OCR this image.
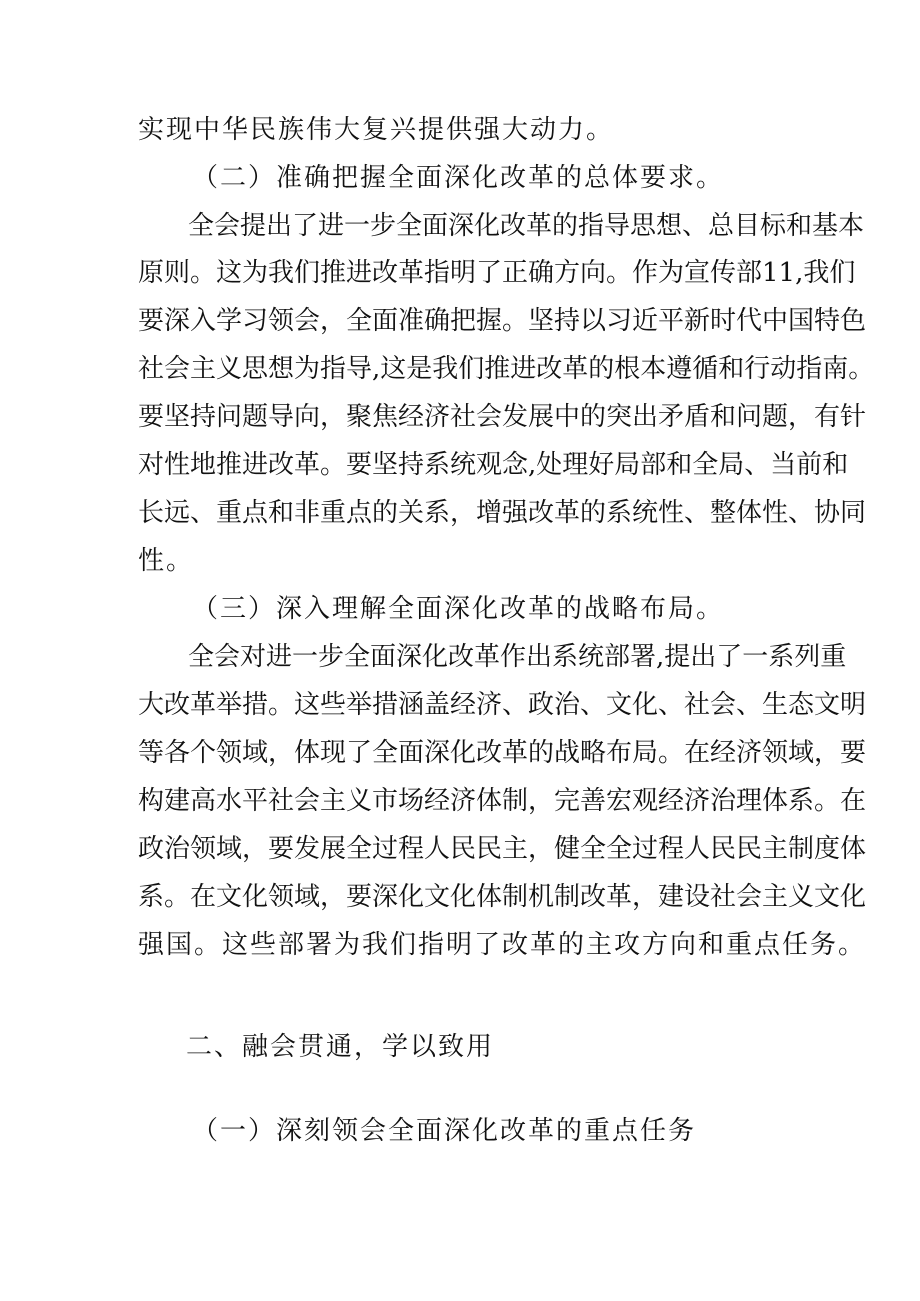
实现中华民族伟大复兴提供强大动力。
（二）准确把握全面深化改革的总体要求。
全会提出了进一步全面深化改革的指导思想、总目标和基本
原则。这为我们推进改革指明了正确方向。作为宣传部11,我们
要深入学习领会，全面准确把握。坚持以习近平新时代中国特色
社会主义思想为指导,这是我们推进改革的根本遵循和行动指南。
要坚持问题导向，聚焦经济社会发展中的突出矛盾和问题，有针
对性地推进改革。要坚持系统观念,处理好局部和全局、当前和
长远、重点和非重点的关系，增强改革的系统性、整体性、协同
性。
（三）深入理解全面深化改革的战略布局。
全会对进一步全面深化改革作出系统部署,提出了一系列重
大改革举措。这些举措涵盖经济、政治、文化、社会、生态文明
等各个领域，体现了全面深化改革的战略布局。在经济领域，要
构建高水平社会主义市场经济体制，完善宏观经济治理体系。在
政治领域，要发展全过程人民民主，健全全过程人民民主制度体
系。在文化领域，要深化文化体制机制改革，建设社会主义文化
强国。这些部署为我们指明了改革的主攻方向和重点任务。
二、融会贯通，学以致用
（一）深刻领会全面深化改革的重点任务
